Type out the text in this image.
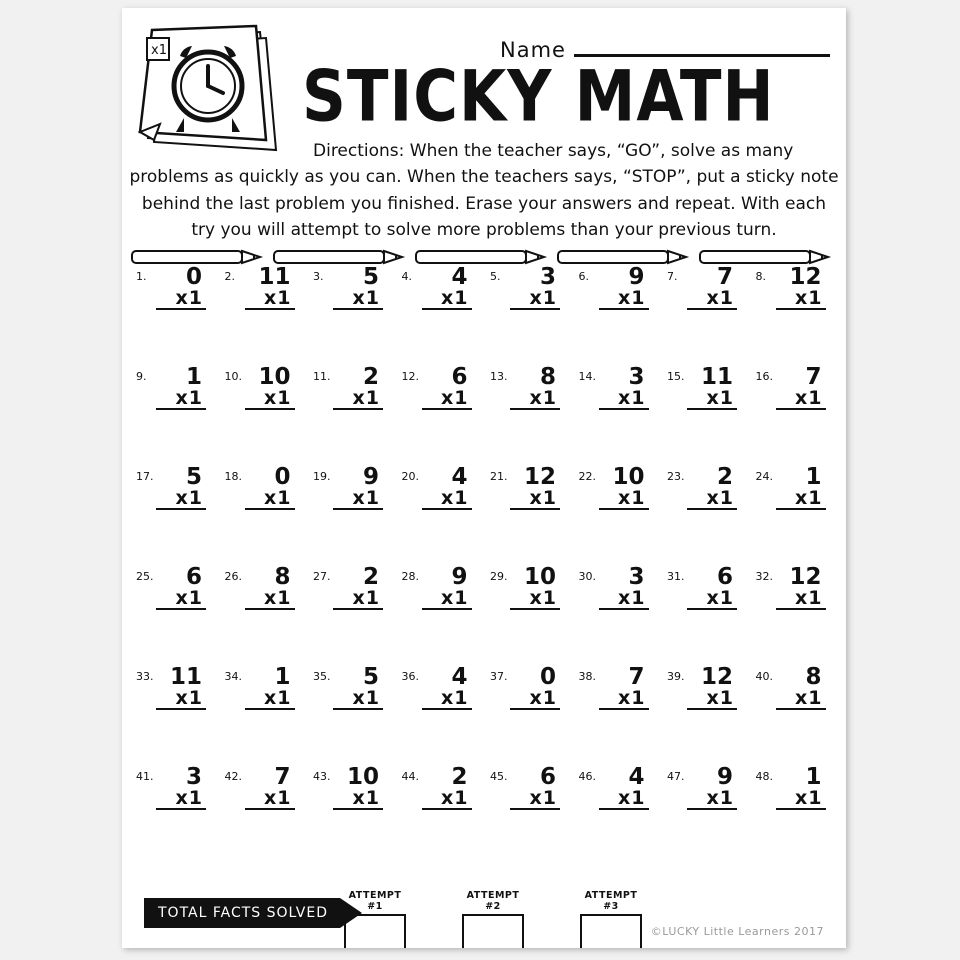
x1	Name
STICKY MATH
Directions: When the teacher says, “GO”, solve as many
problems as quickly as you can. When the teachers says, “STOP”, put a sticky note
behind the last problem you finished. Erase your answers and repeat. With each
try you will attempt to solve more problems than your previous turn.
1.	0
x1
2.	11
x1
3.	5
x1
4.	4
x1
5.	3
x1
6.	9
x1
7.	7
x1
8.	12
x1
9.	1
x1
10. 10
x1
11.	2
x1
12.	6
x1
13.	8
x1
14.	3
x1
15. 11
x1
16.	7
x1
17.	5
x1
18.	0
x1
19.	9
x1
20.	4
x1
21. 12
x1
22. 10
x1
23.	2
x1
24.	1
x1
25.	6
x1
26.	8
x1
27.	2
x1
28.	9
x1
29. 10
x1
30.	3
x1
31.	6
x1
32. 12
x1
33. 11
x1
34.	1
x1
35.	5
x1
36.	4
x1
37.	0
x1
38.	7
x1
39. 12
x1
40.	8
x1
41.	3
x1
42.	7
x1
43. 10
x1
44.	2
x1
45.	6
x1
46.	4
x1
47.	9
x1
48.	1
x1
TOTAL FACTS SOLVED
ATTEMPT #1
ATTEMPT #2
ATTEMPT #3
©LUCKY Little Learners 2017
